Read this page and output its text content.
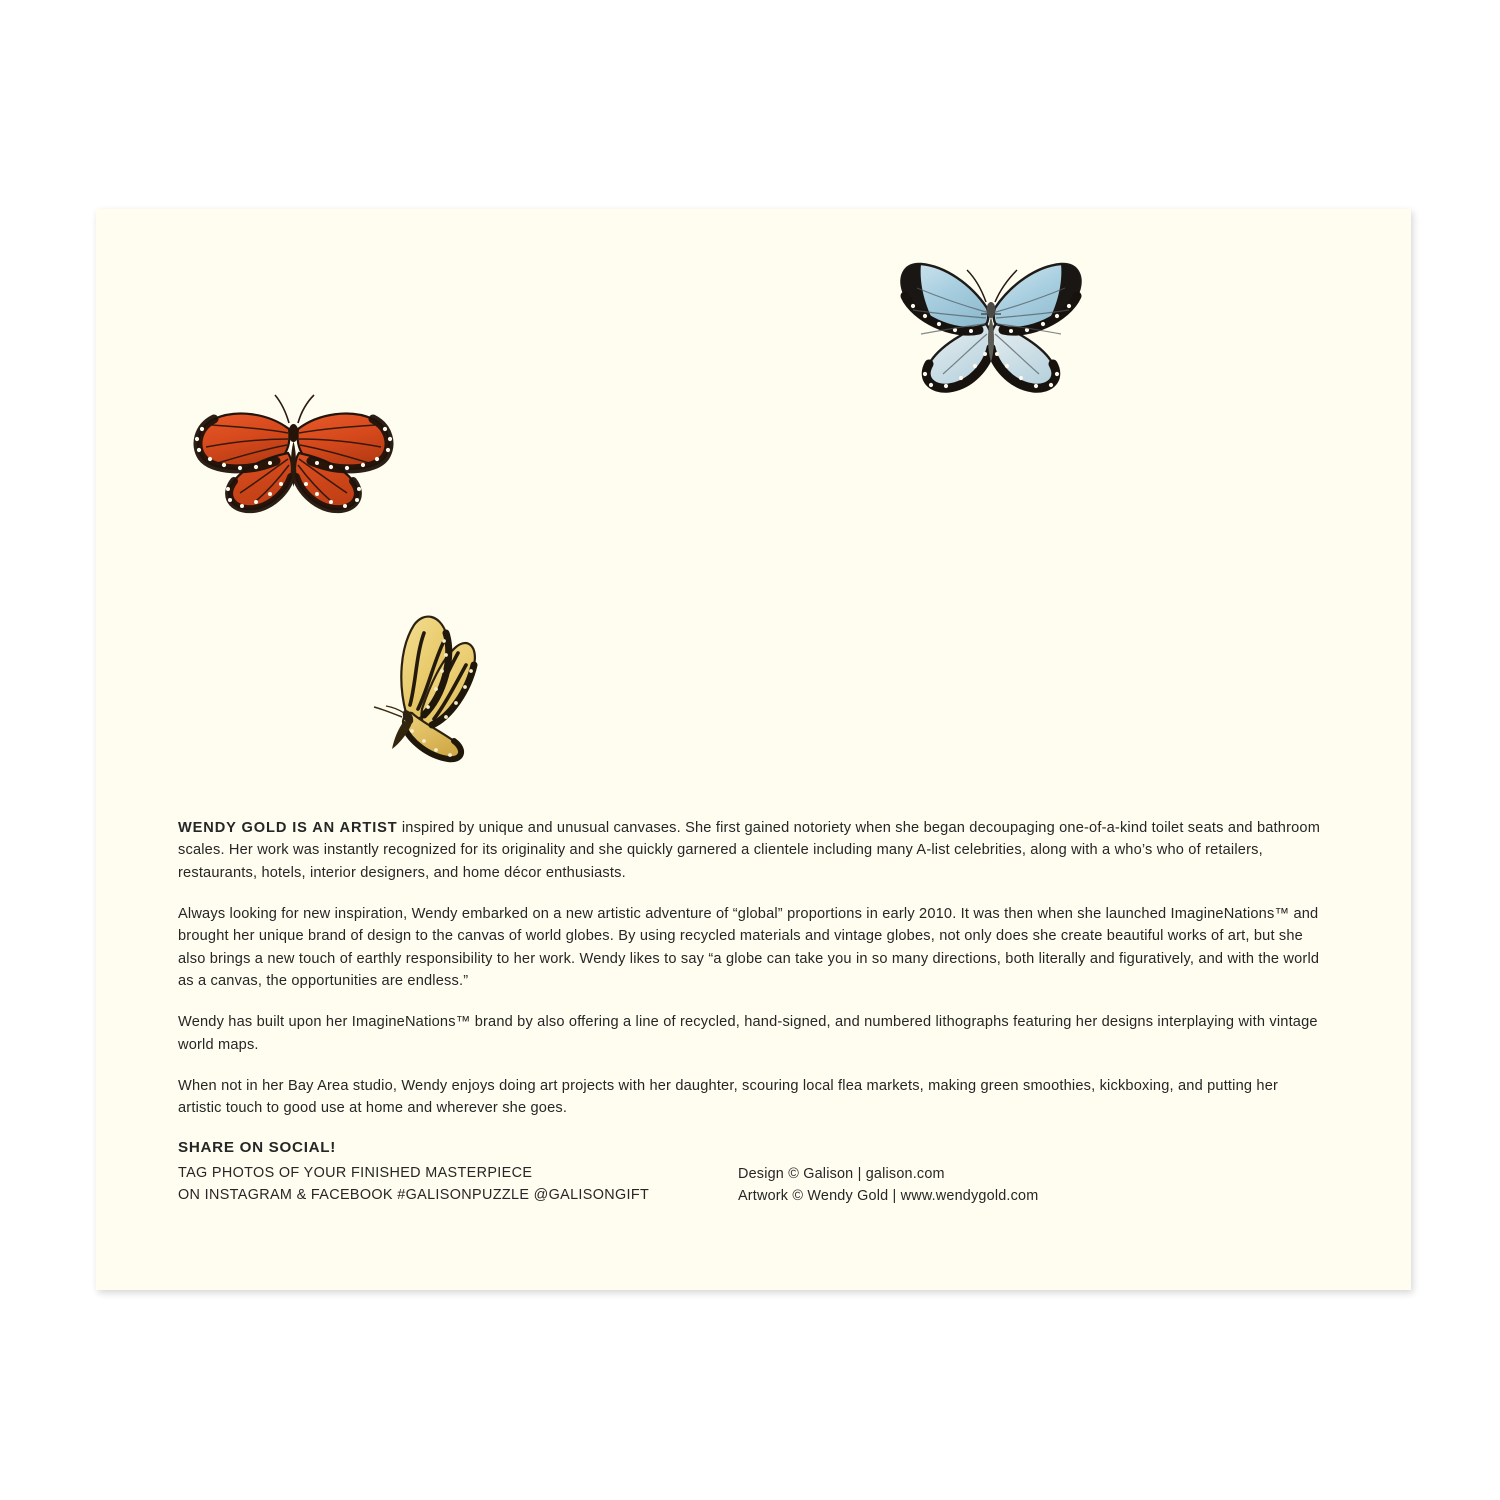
WENDY GOLD IS AN ARTIST inspired by unique and unusual canvases. She first gained notoriety when she began decoupaging one-of-a-kind toilet seats and bathroom scales. Her work was instantly recognized for its originality and she quickly garnered a clientele including many A-list celebrities, along with a who’s who of retailers, restaurants, hotels, interior designers, and home décor enthusiasts.

Always looking for new inspiration, Wendy embarked on a new artistic adventure of “global” proportions in early 2010. It was then when she launched ImagineNations™ and brought her unique brand of design to the canvas of world globes. By using recycled materials and vintage globes, not only does she create beautiful works of art, but she also brings a new touch of earthly responsibility to her work. Wendy likes to say “a globe can take you in so many directions, both literally and figuratively, and with the world as a canvas, the opportunities are endless.”

Wendy has built upon her ImagineNations™ brand by also offering a line of recycled, hand-signed, and numbered lithographs featuring her designs interplaying with vintage world maps.

When not in her Bay Area studio, Wendy enjoys doing art projects with her daughter, scouring local flea markets, making green smoothies, kickboxing, and putting her artistic touch to good use at home and wherever she goes.

SHARE ON SOCIAL!
TAG PHOTOS OF YOUR FINISHED MASTERPIECE
ON INSTAGRAM & FACEBOOK #GALISONPUZZLE @GALISONGIFT
Design © Galison | galison.com
Artwork © Wendy Gold | www.wendygold.com
